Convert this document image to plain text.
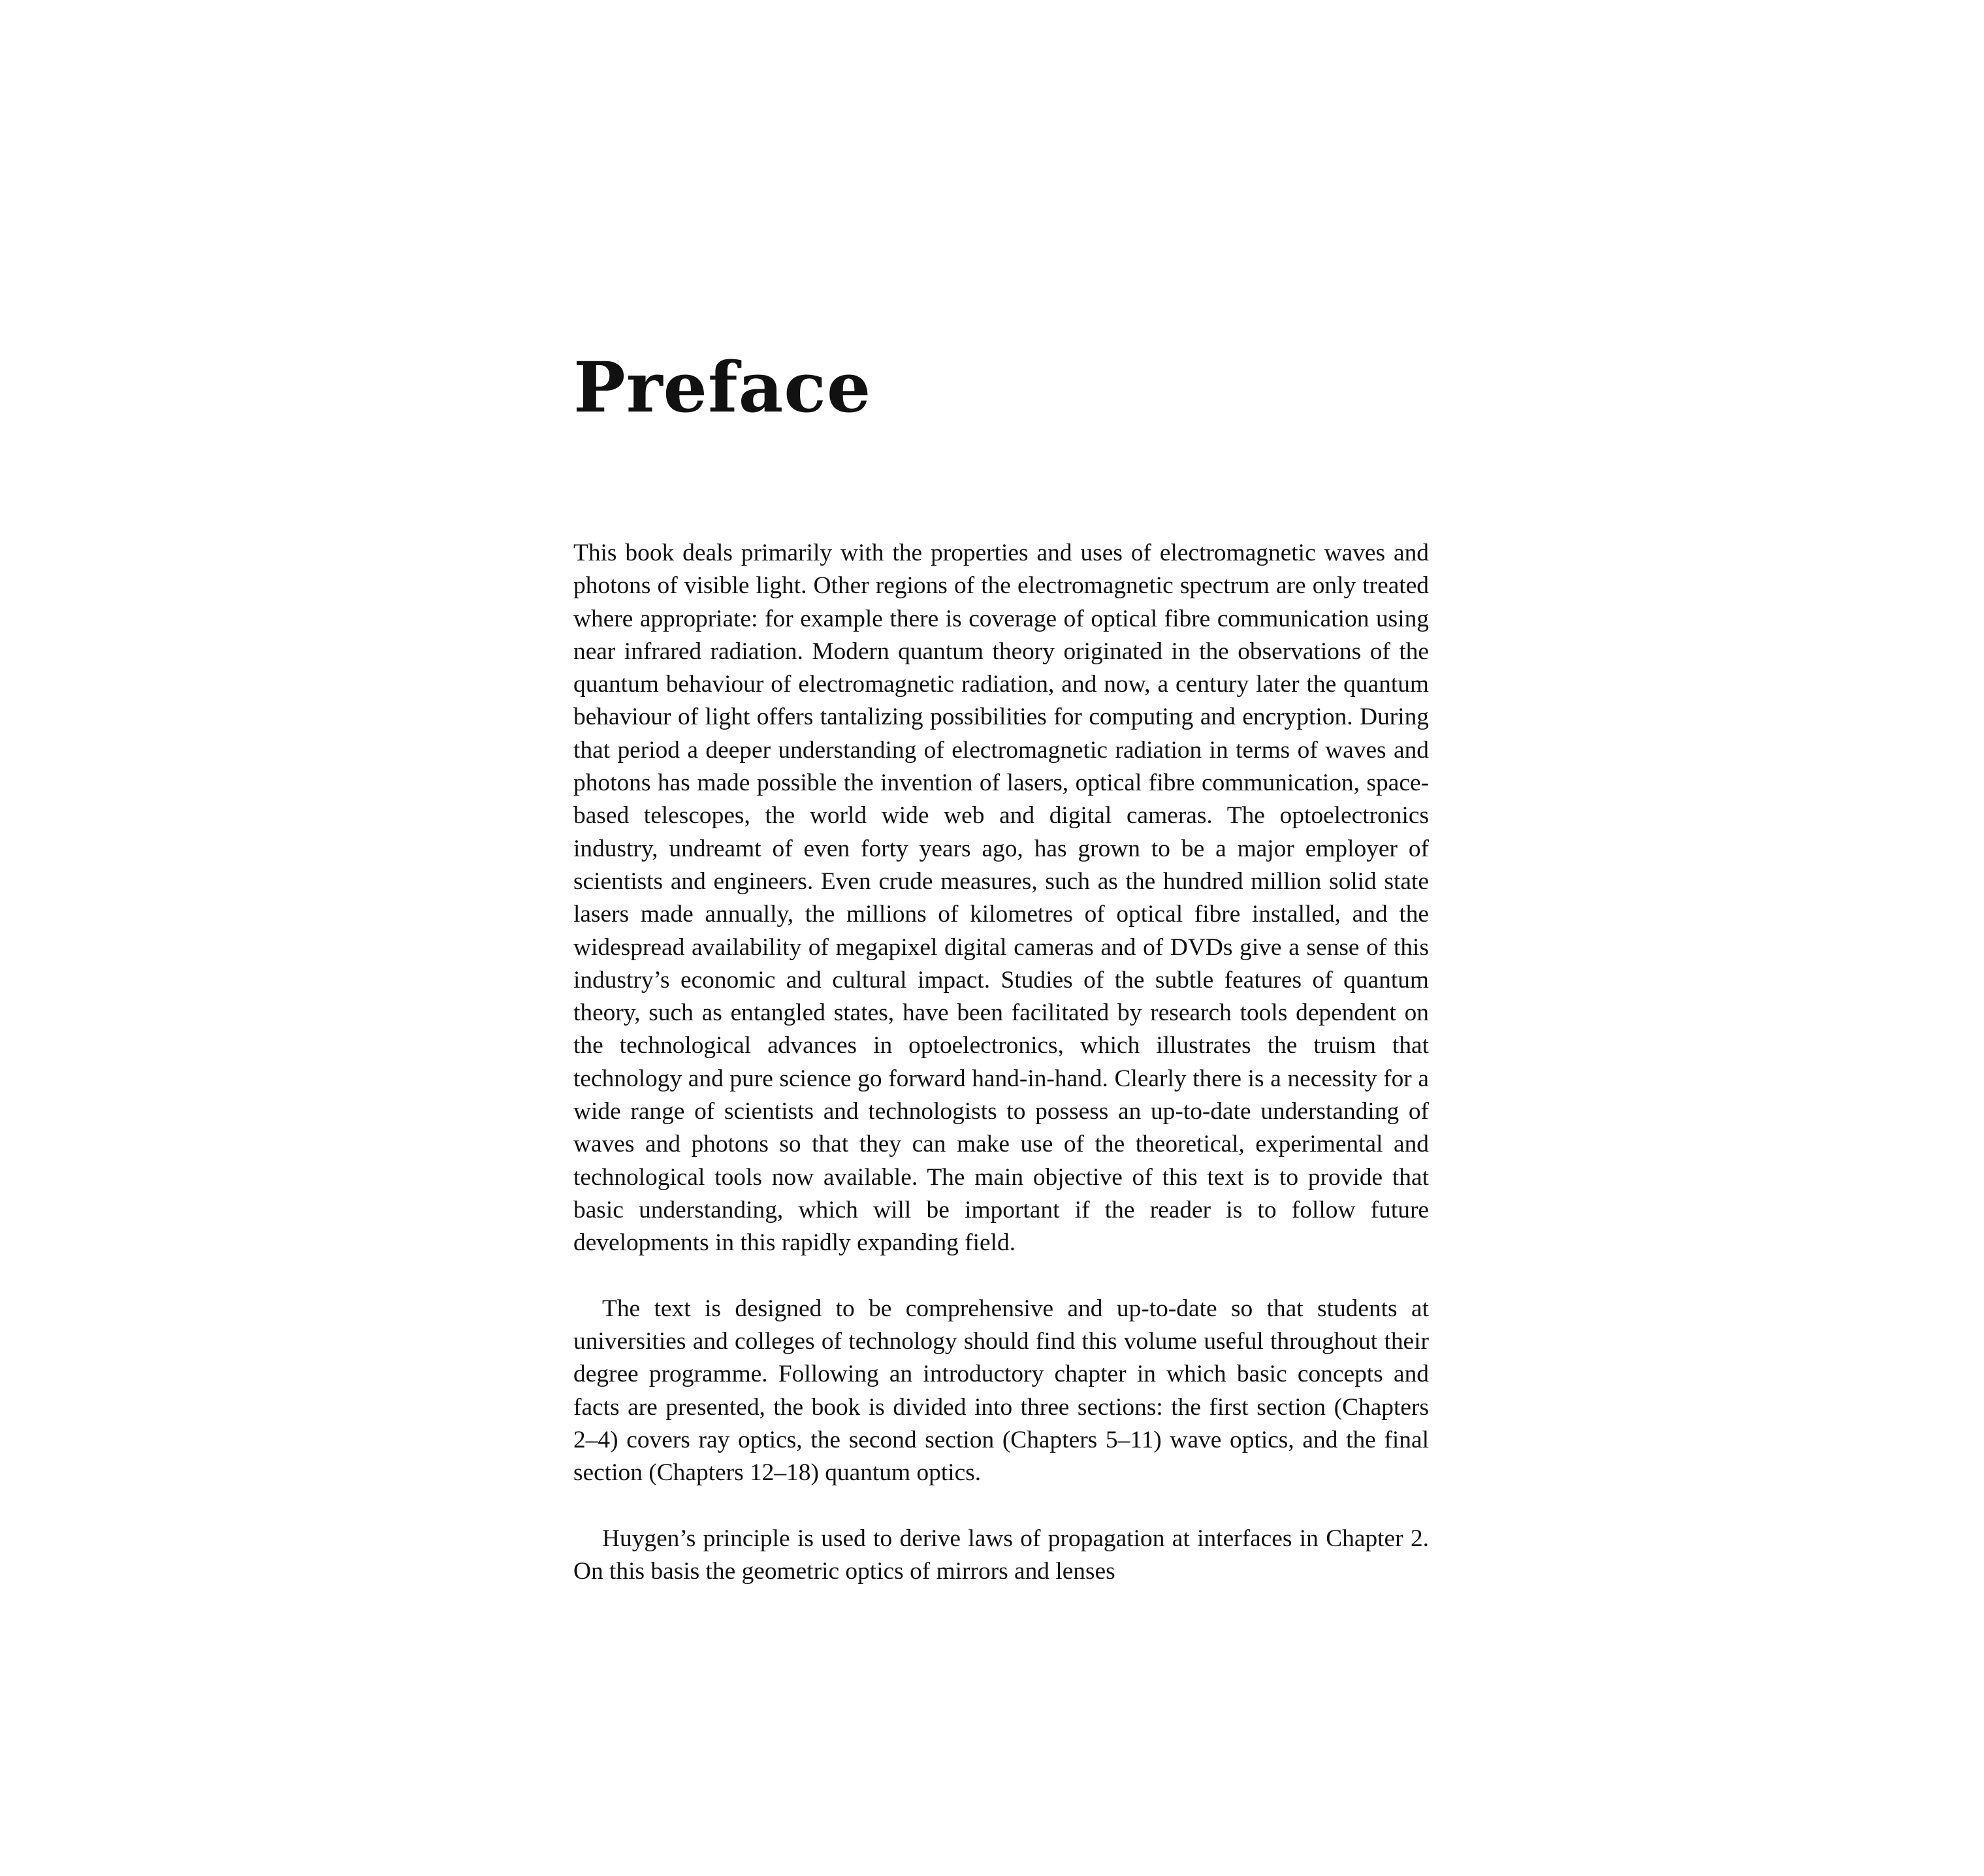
Preface

This book deals primarily with the properties and uses of electromagnetic waves and photons of visible light. Other regions of the electromagnetic spectrum are only treated where appropriate: for example there is coverage of optical fibre communication using near infrared radiation. Modern quantum theory originated in the observations of the quantum behaviour of electromagnetic radiation, and now, a century later the quantum behaviour of light offers tantalizing possibilities for computing and encryption. During that period a deeper understanding of electromagnetic radiation in terms of waves and photons has made possible the invention of lasers, optical fibre communication, space-based telescopes, the world wide web and digital cameras. The optoelectronics industry, undreamt of even forty years ago, has grown to be a major employer of scientists and engineers. Even crude measures, such as the hundred million solid state lasers made annually, the millions of kilometres of optical fibre installed, and the widespread availability of megapixel digital cameras and of DVDs give a sense of this industry’s economic and cultural impact. Studies of the subtle features of quantum theory, such as entangled states, have been facilitated by research tools dependent on the technological advances in optoelectronics, which illustrates the truism that technology and pure science go forward hand-in-hand. Clearly there is a necessity for a wide range of scientists and technologists to possess an up-to-date understanding of waves and photons so that they can make use of the theoretical, experimental and technological tools now available. The main objective of this text is to provide that basic understanding, which will be important if the reader is to follow future developments in this rapidly expanding field.

The text is designed to be comprehensive and up-to-date so that students at universities and colleges of technology should find this volume useful throughout their degree programme. Following an introductory chapter in which basic concepts and facts are presented, the book is divided into three sections: the first section (Chapters 2–4) covers ray optics, the second section (Chapters 5–11) wave optics, and the final section (Chapters 12–18) quantum optics.

Huygen’s principle is used to derive laws of propagation at interfaces in Chapter 2. On this basis the geometric optics of mirrors and lenses
